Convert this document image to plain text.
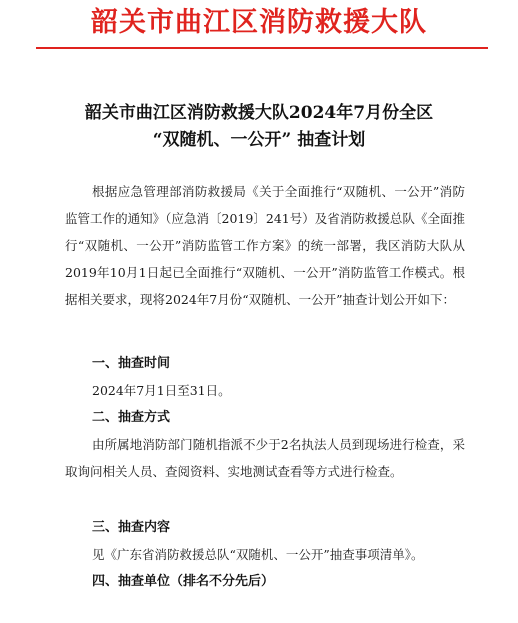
韶关市曲江区消防救援大队
韶关市曲江区消防救援大队2024年7月份全区
“双随机、一公开” 抽查计划

根据应急管理部消防救援局《关于全面推行“双随机、一公开”消防监管工作的通知》（应急消〔2019〕241号）及省消防救援总队《全面推行“双随机、一公开”消防监管工作方案》的统一部署，我区消防大队从2019年10月1日起已全面推行“双随机、一公开”消防监管工作模式。根据相关要求，现将2024年7月份“双随机、一公开”抽查计划公开如下：

一、抽查时间
2024年7月1日至31日。
二、抽查方式

由所属地消防部门随机指派不少于2名执法人员到现场进行检查，采取询问相关人员、查阅资料、实地测试查看等方式进行检查。

三、抽查内容
见《广东省消防救援总队“双随机、一公开”抽查事项清单》。
四、抽查单位（排名不分先后）
